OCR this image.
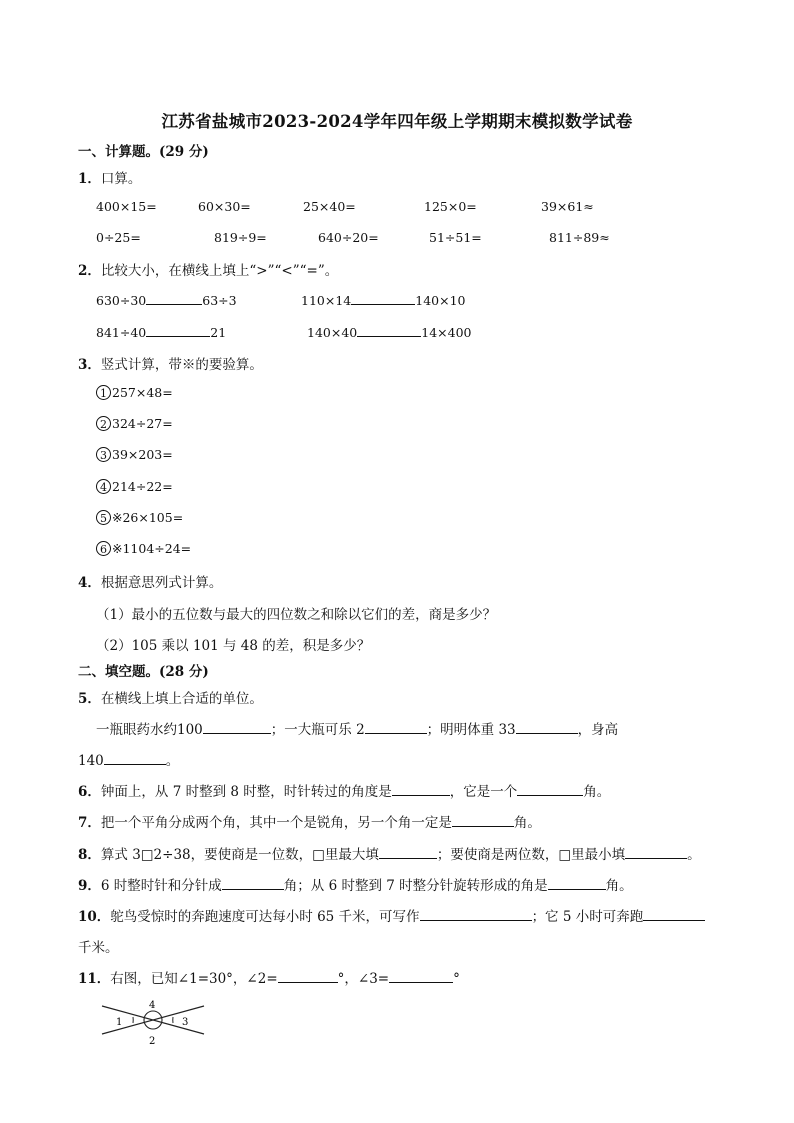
江苏省盐城市2023-2024学年四年级上学期期末模拟数学试卷
一、计算题。(29 分)
1．口算。
400×15=	60×30=	25×40=	125×0=	39×61≈
0÷25=	819÷9=	640÷20=	51÷51=	811÷89≈
2．比较大小，在横线上填上“>”“<”“=”。
630÷30	63÷3	110×14	140×10
841÷40	21	140×40	14×400
3．竖式计算，带※的要验算。
1 257×48=
2 324÷27=
3 39×203=
4 214÷22=
5 ※26×105=
6 ※1104÷24=
4．根据意思列式计算。
（1）最小的五位数与最大的四位数之和除以它们的差，商是多少？
（2）105 乘以 101 与 48 的差，积是多少？
二、填空题。(28 分)
5．在横线上填上合适的单位。
一瓶眼药水约100	；一大瓶可乐 2	；明明体重 33	，身高
140	。
6．钟面上，从 7 时整到 8 时整，时针转过的角度是	，它是一个	角。
7．把一个平角分成两个角，其中一个是锐角，另一个角一定是	角。
8．算式 3□2÷38，要使商是一位数，□里最大填	；要使商是两位数，□里最小填	。
9．6 时整时针和分针成	角；从 6 时整到 7 时整分针旋转形成的角是	角。
10．鸵鸟受惊时的奔跑速度可达每小时 65 千米，可写作	；它 5 小时可奔跑
千米。
11．右图，已知∠1=30°，∠2=	°，∠3=	°
1
2
3
4
